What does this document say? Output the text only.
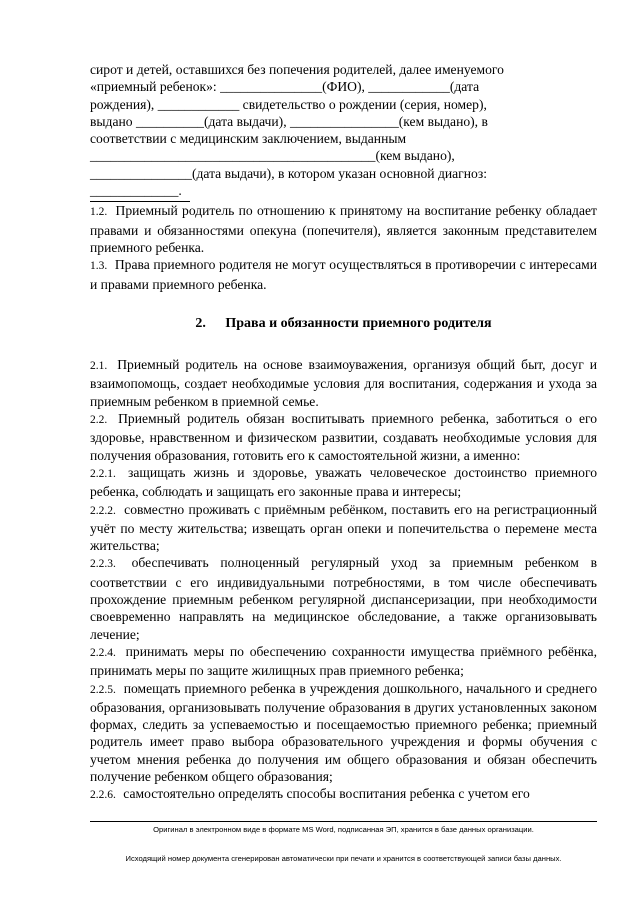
сирот и детей, оставшихся без попечения родителей, далее именуемого

«приемный ребенок»: _______________(ФИО), ____________(дата

рождения), ____________ свидетельство о рождении (серия, номер),

выдано __________(дата выдачи), ________________(кем выдано), в

соответствии с медицинским заключением, выданным

__________________________________________(кем выдано),

_______________(дата выдачи), в котором указан основной диагноз:

_____________.

1.2. Приемный родитель по отношению к принятому на воспитание ребенку обладает правами и обязанностями опекуна (попечителя), является законным представителем приемного ребенка.

1.3. Права приемного родителя не могут осуществляться в противоречии с интересами и правами приемного ребенка.

2. Права и обязанности приемного родителя

2.1. Приемный родитель на основе взаимоуважения, организуя общий быт, досуг и взаимопомощь, создает необходимые условия для воспитания, содержания и ухода за приемным ребенком в приемной семье.

2.2. Приемный родитель обязан воспитывать приемного ребенка, заботиться о его здоровье, нравственном и физическом развитии, создавать необходимые условия для получения образования, готовить его к самостоятельной жизни, а именно:

2.2.1. защищать жизнь и здоровье, уважать человеческое достоинство приемного ребенка, соблюдать и защищать его законные права и интересы;

2.2.2. совместно проживать с приёмным ребёнком, поставить его на регистрационный учёт по месту жительства; извещать орган опеки и попечительства о перемене места жительства;

2.2.3. обеспечивать полноценный регулярный уход за приемным ребенком в соответствии с его индивидуальными потребностями, в том числе обеспечивать прохождение приемным ребенком регулярной диспансеризации, при необходимости своевременно направлять на медицинское обследование, а также организовывать лечение;

2.2.4. принимать меры по обеспечению сохранности имущества приёмного ребёнка, принимать меры по защите жилищных прав приемного ребенка;

2.2.5. помещать приемного ребенка в учреждения дошкольного, начального и среднего образования, организовывать получение образования в других установленных законом формах, следить за успеваемостью и посещаемостью приемного ребенка; приемный родитель имеет право выбора образовательного учреждения и формы обучения с учетом мнения ребенка до получения им общего образования и обязан обеспечить получение ребенком общего образования;

2.2.6. самостоятельно определять способы воспитания ребенка с учетом его

Оригинал в электронном виде в формате MS Word, подписанная ЭП, хранится в базе данных организации.
Исходящий номер документа сгенерирован автоматически при печати и хранится в соответствующей записи базы данных.
